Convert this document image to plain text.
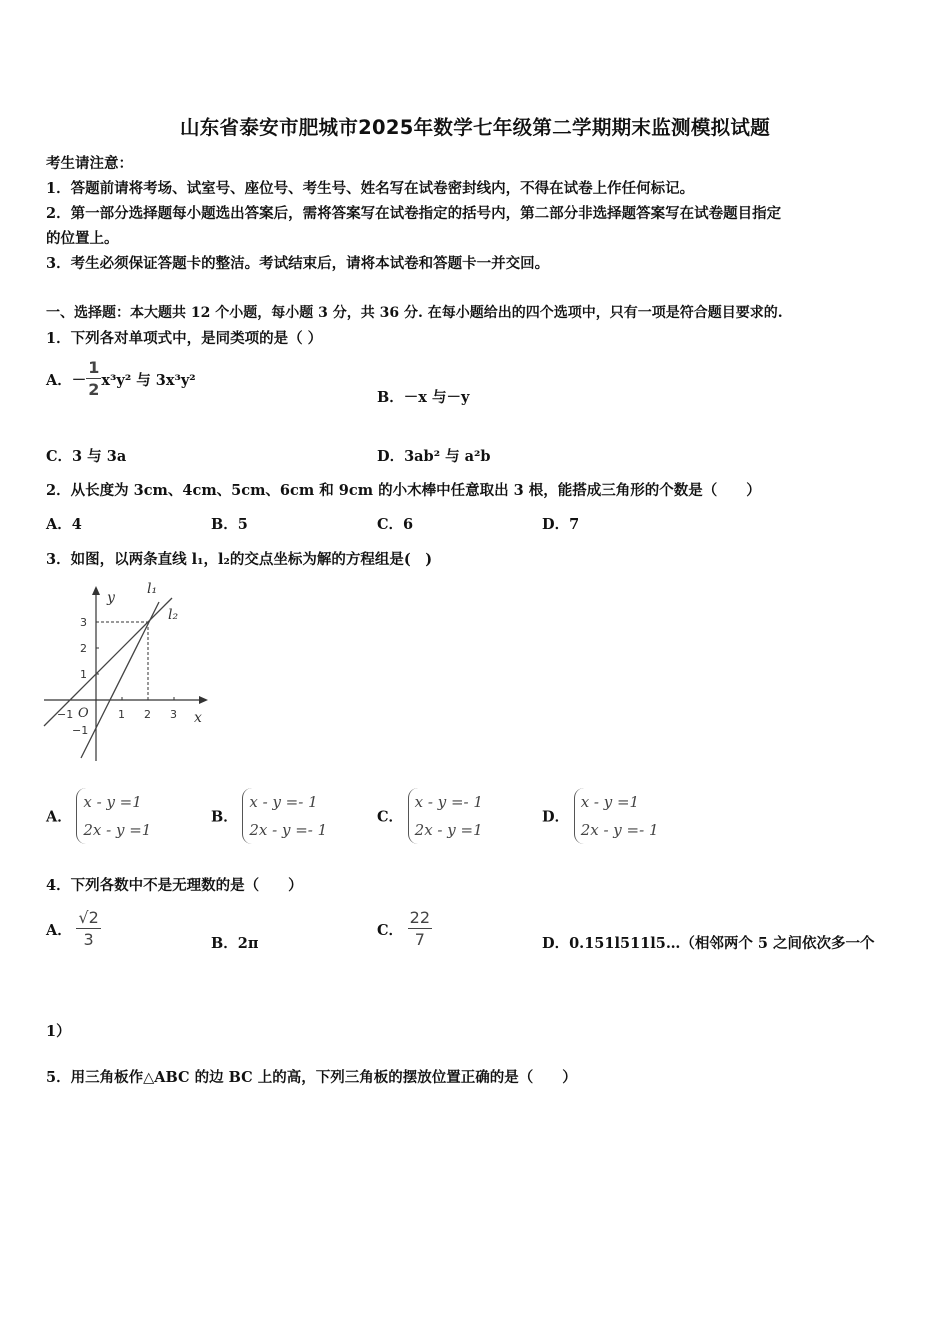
山东省泰安市肥城市2025年数学七年级第二学期期末监测模拟试题
考生请注意：
1．答题前请将考场、试室号、座位号、考生号、姓名写在试卷密封线内，不得在试卷上作任何标记。
2．第一部分选择题每小题选出答案后，需将答案写在试卷指定的括号内，第二部分非选择题答案写在试卷题目指定
的位置上。
3．考生必须保证答题卡的整洁。考试结束后，请将本试卷和答题卡一并交回。
一、选择题：本大题共 12 个小题，每小题 3 分，共 36 分. 在每小题给出的四个选项中，只有一项是符合题目要求的.
1．下列各对单项式中，是同类项的是（ ）
A．－ $\frac{1}{2} x^3y^2$ 与 3x³y²
B．－x 与－y
C．3 与 3a	D．3ab² 与 a²b
2．从长度为 3cm、4cm、5cm、6cm 和 9cm 的小木棒中任意取出 3 根，能搭成三角形的个数是（　　）
A．4	B．5	C．6	D．7
3．如图，以两条直线 l₁，l₂的交点坐标为解的方程组是(　)
y
x
O
l₁
l₂
−1	1 2 3
3
2
1
−1
A．
x - y =1
2x - y =1
B．
x - y =- 1
2x - y =- 1
C．
x - y =- 1
2x - y =1
D．
x - y =1
2x - y =- 1
4．下列各数中不是无理数的是（　　）
A． $\frac{√2}{3}$	B．2π
C． $\frac{22}{7}$	D．0.151l511l5…（相邻两个 5 之间依次多一个
1）
5．用三角板作△ABC 的边 BC 上的高，下列三角板的摆放位置正确的是（　　）
